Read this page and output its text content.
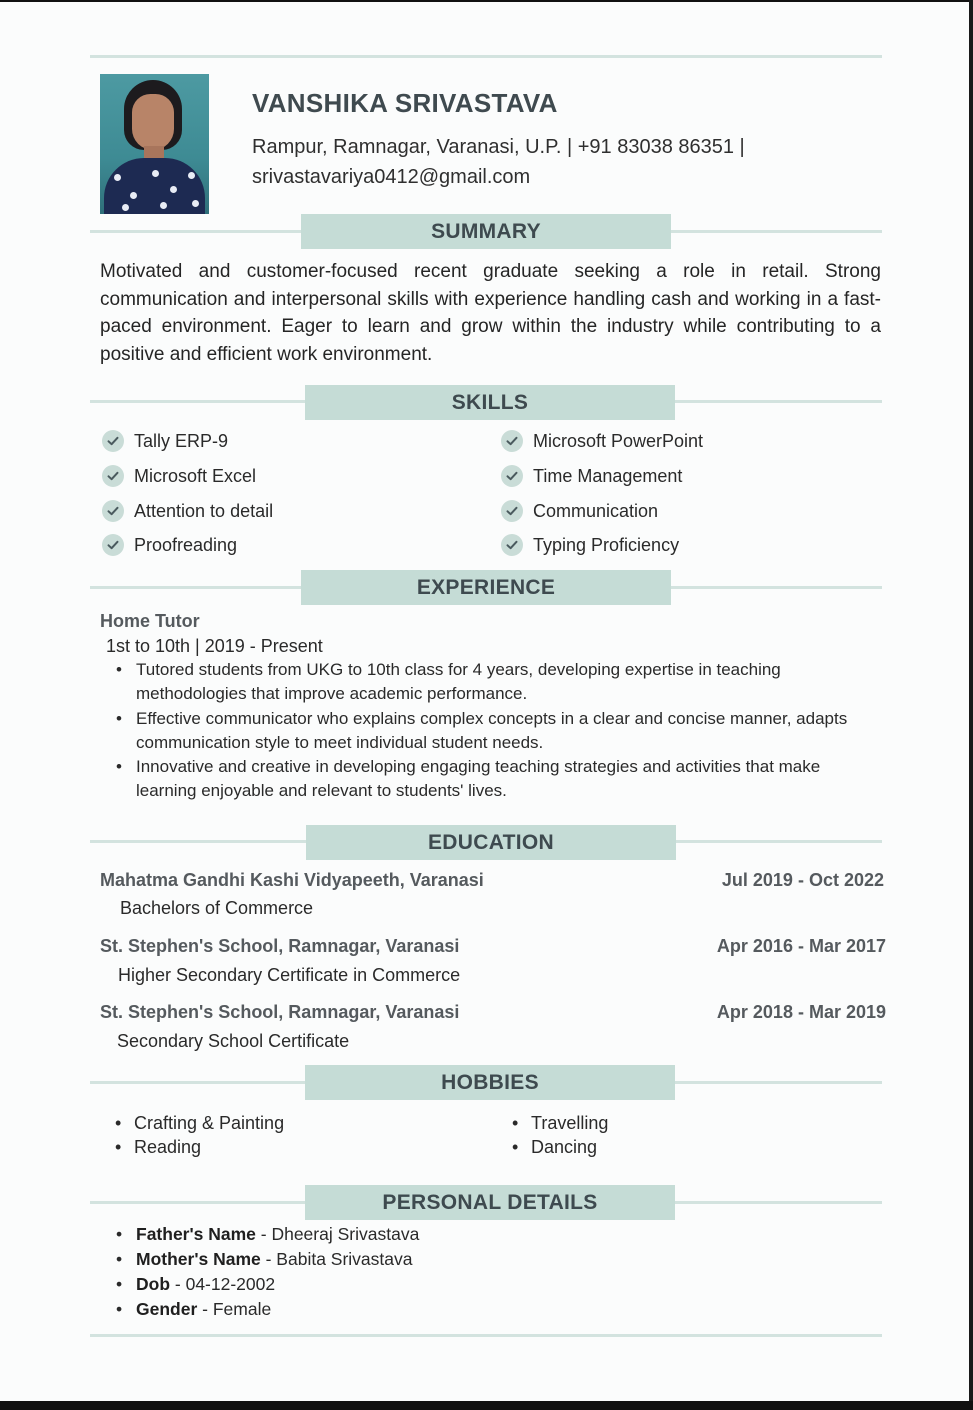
VANSHIKA SRIVASTAVA
Rampur, Ramnagar, Varanasi, U.P. | +91 83038 86351 |
srivastavariya0412@gmail.com
SUMMARY
Motivated and customer-focused recent graduate seeking a role in retail. Strong communication and interpersonal skills with experience handling cash and working in a fast-paced environment. Eager to learn and grow within the industry while contributing to a positive and efficient work environment.
SKILLS
Tally ERP-9
Microsoft Excel
Attention to detail
Proofreading
Microsoft PowerPoint
Time Management
Communication
Typing Proficiency
EXPERIENCE
Home Tutor
1st to 10th | 2019 - Present
• Tutored students from UKG to 10th class for 4 years, developing expertise in teaching methodologies that improve academic performance.
• Effective communicator who explains complex concepts in a clear and concise manner, adapts communication style to meet individual student needs.
• Innovative and creative in developing engaging teaching strategies and activities that make learning enjoyable and relevant to students' lives.
EDUCATION
Mahatma Gandhi Kashi Vidyapeeth, Varanasi	Jul 2019 - Oct 2022
Bachelors of Commerce
St. Stephen's School, Ramnagar, Varanasi	Apr 2016 - Mar 2017
Higher Secondary Certificate in Commerce
St. Stephen's School, Ramnagar, Varanasi	Apr 2018 - Mar 2019
Secondary School Certificate
HOBBIES
• Crafting & Painting
• Reading
• Travelling
• Dancing
PERSONAL DETAILS
• Father's Name - Dheeraj Srivastava
• Mother's Name - Babita Srivastava
• Dob - 04-12-2002
• Gender - Female
